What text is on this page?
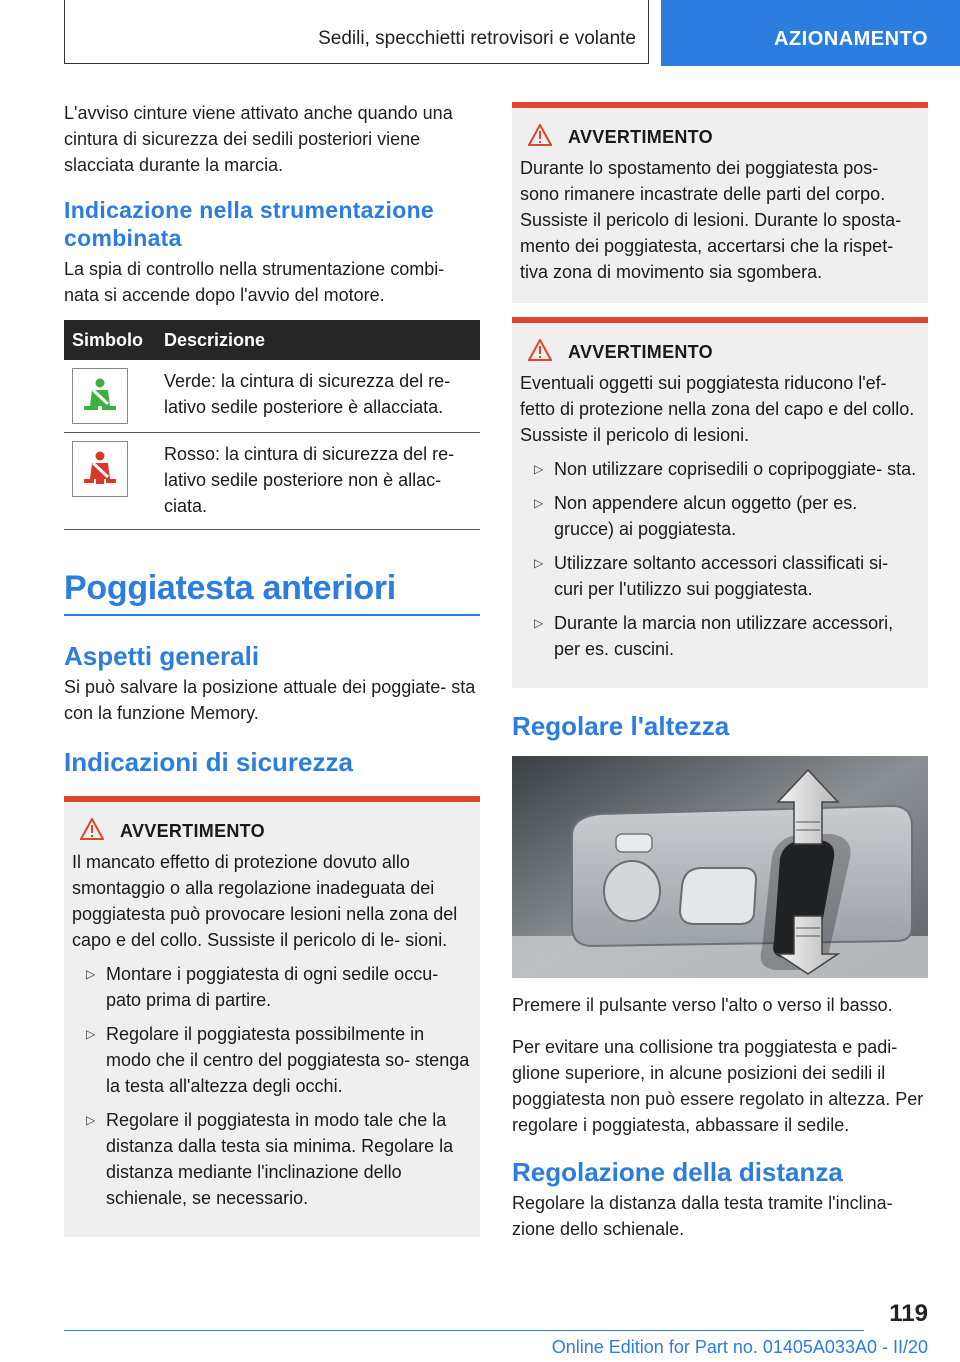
Sedili, specchietti retrovisori e volante	AZIONAMENTO

L'avviso cinture viene attivato anche quando una cintura di sicurezza dei sedili posteriori viene slacciata durante la marcia.

Indicazione nella strumentazione combinata

La spia di controllo nella strumentazione combi- nata si accende dopo l'avvio del motore.

Simbolo	Descrizione

	Verde: la cintura di sicurezza del re- lativo sedile posteriore è allacciata.

	Rosso: la cintura di sicurezza del re- lativo sedile posteriore non è allac- ciata.
Poggiatesta anteriori
Aspetti generali

Si può salvare la posizione attuale dei poggiate- sta con la funzione Memory.

Indicazioni di sicurezza
AVVERTIMENTO

Il mancato effetto di protezione dovuto allo smontaggio o alla regolazione inadeguata dei poggiatesta può provocare lesioni nella zona del capo e del collo. Sussiste il pericolo di le- sioni.

▷ Montare i poggiatesta di ogni sedile occu- pato prima di partire.
▷ Regolare il poggiatesta possibilmente in modo che il centro del poggiatesta so- stenga la testa all'altezza degli occhi.
▷ Regolare il poggiatesta in modo tale che la distanza dalla testa sia minima. Regolare la distanza mediante l'inclinazione dello schienale, se necessario.
AVVERTIMENTO

Durante lo spostamento dei poggiatesta pos- sono rimanere incastrate delle parti del corpo. Sussiste il pericolo di lesioni. Durante lo sposta- mento dei poggiatesta, accertarsi che la rispet- tiva zona di movimento sia sgombera.

AVVERTIMENTO

Eventuali oggetti sui poggiatesta riducono l'ef- fetto di protezione nella zona del capo e del collo. Sussiste il pericolo di lesioni.

▷ Non utilizzare coprisedili o copripoggiate- sta.
▷ Non appendere alcun oggetto (per es. grucce) ai poggiatesta.
▷ Utilizzare soltanto accessori classificati si- curi per l'utilizzo sui poggiatesta.
▷ Durante la marcia non utilizzare accessori, per es. cuscini.
Regolare l'altezza

Premere il pulsante verso l'alto o verso il basso.

Per evitare una collisione tra poggiatesta e padi- glione superiore, in alcune posizioni dei sedili il poggiatesta non può essere regolato in altezza. Per regolare i poggiatesta, abbassare il sedile.

Regolazione della distanza

Regolare la distanza dalla testa tramite l'inclina- zione dello schienale.

119
Online Edition for Part no. 01405A033A0 - II/20
